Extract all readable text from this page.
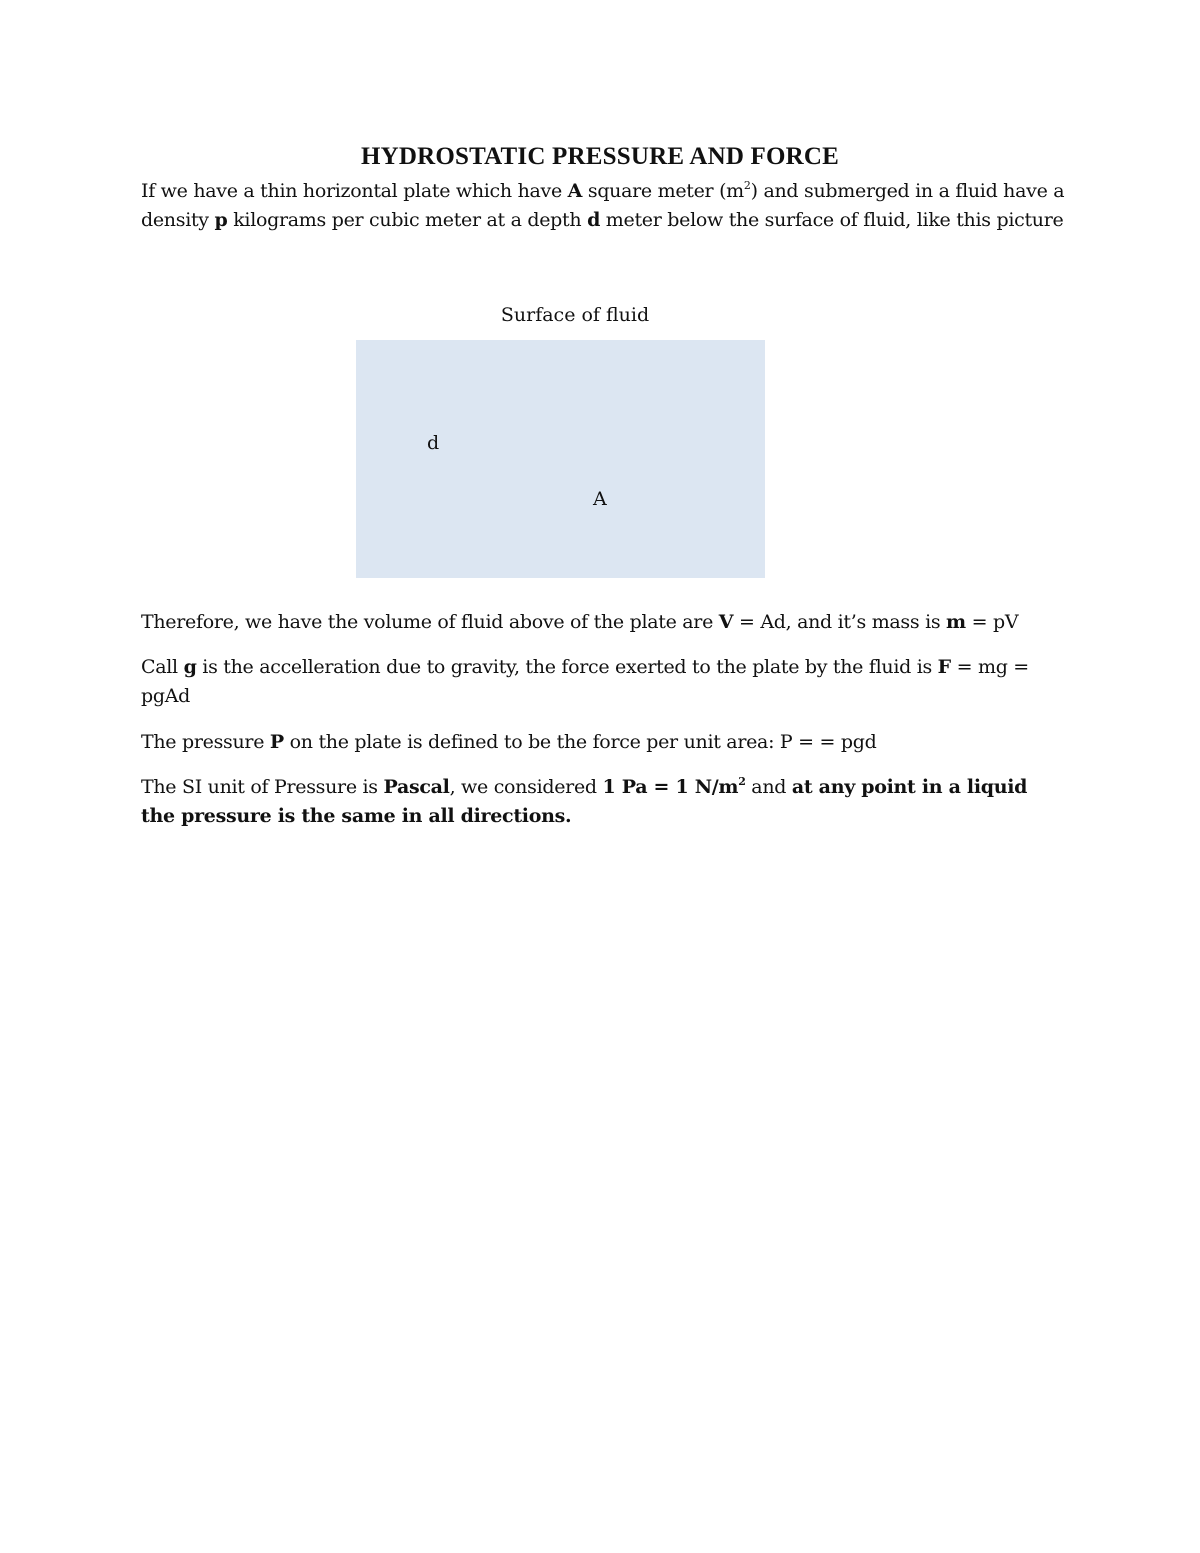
HYDROSTATIC PRESSURE AND FORCE

If we have a thin horizontal plate which have A square meter $(m^2)$ and submerged in a fluid have a density p kilograms per cubic meter at a depth d meter below the surface of fluid, like this picture

Surface of fluid
d
A

Therefore, we have the volume of fluid above of the plate are V = Ad, and it’s mass is m = pV

Call g is the accelleration due to gravity, the force exerted to the plate by the fluid is F = mg = pgAd

The pressure P on the plate is defined to be the force per unit area: P = = pgd

The SI unit of Pressure is Pascal, we considered 1 Pa = 1 $N/m^2$ and at any point in a liquid the pressure is the same in all directions.
